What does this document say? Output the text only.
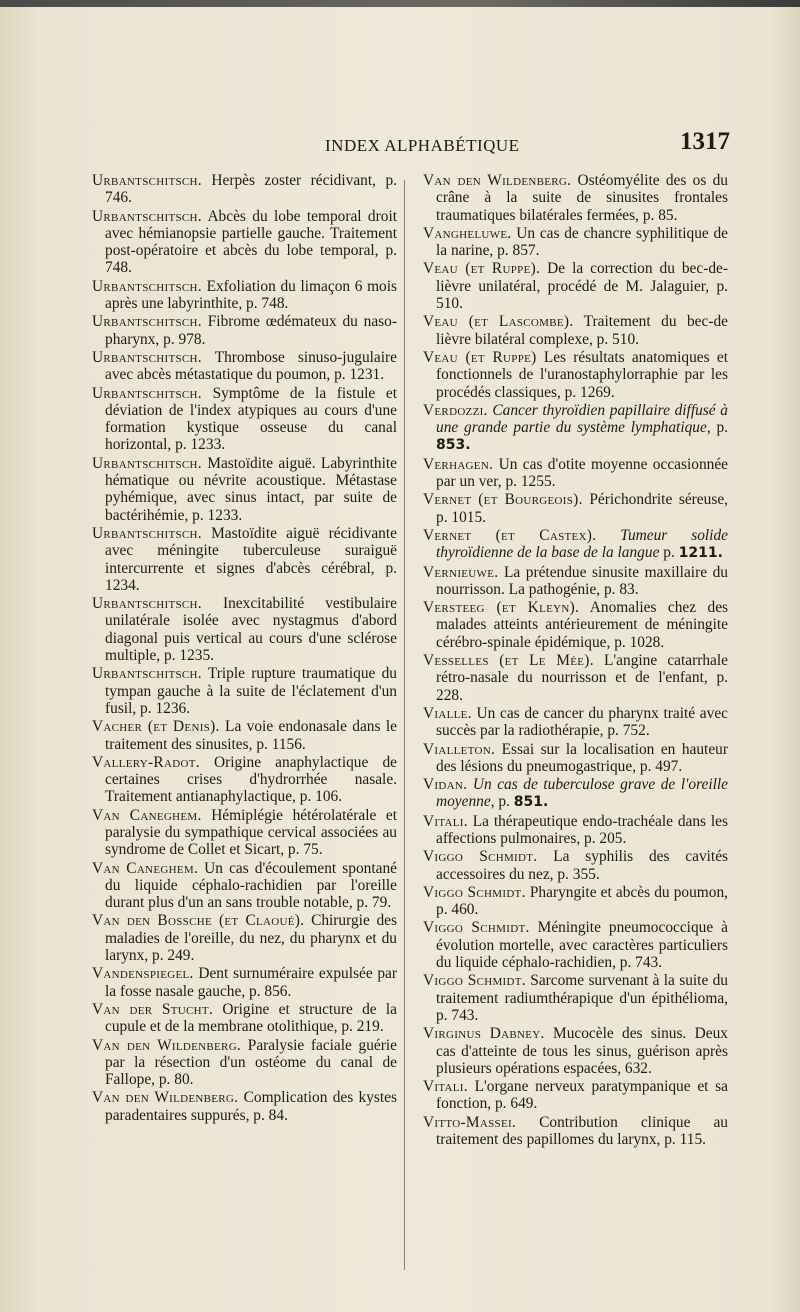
INDEX ALPHABÉTIQUE	1317

Urbantschitsch. Herpès zoster récidivant, p. 746.

Urbantschitsch. Abcès du lobe temporal droit avec hémianopsie partielle gauche. Traitement post-opératoire et abcès du lobe temporal, p. 748.

Urbantschitsch. Exfoliation du limaçon 6 mois après une labyrinthite, p. 748.

Urbantschitsch. Fibrome œdémateux du naso-pharynx, p. 978.

Urbantschitsch. Thrombose sinuso-jugulaire avec abcès métastatique du poumon, p. 1231.

Urbantschitsch. Symptôme de la fistule et déviation de l'index atypiques au cours d'une formation kystique osseuse du canal horizontal, p. 1233.

Urbantschitsch. Mastoïdite aiguë. Labyrinthite hématique ou névrite acoustique. Métastase pyhémique, avec sinus intact, par suite de bactérihémie, p. 1233.

Urbantschitsch. Mastoïdite aiguë récidivante avec méningite tuberculeuse suraiguë intercurrente et signes d'abcès cérébral, p. 1234.

Urbantschitsch. Inexcitabilité vestibulaire unilatérale isolée avec nystagmus d'abord diagonal puis vertical au cours d'une sclérose multiple, p. 1235.

Urbantschitsch. Triple rupture traumatique du tympan gauche à la suite de l'éclatement d'un fusil, p. 1236.

Vacher (et Denis). La voie endonasale dans le traitement des sinusites, p. 1156.

Vallery-Radot. Origine anaphylactique de certaines crises d'hydrorrhée nasale. Traitement antianaphylactique, p. 106.

Van Caneghem. Hémiplégie hétérolatérale et paralysie du sympathique cervical associées au syndrome de Collet et Sicart, p. 75.

Van Caneghem. Un cas d'écoulement spontané du liquide céphalo-rachidien par l'oreille durant plus d'un an sans trouble notable, p. 79.

Van den Bossche (et Claoué). Chirurgie des maladies de l'oreille, du nez, du pharynx et du larynx, p. 249.

Vandenspiegel. Dent surnuméraire expulsée par la fosse nasale gauche, p. 856.

Van der Stucht. Origine et structure de la cupule et de la membrane otolithique, p. 219.

Van den Wildenberg. Paralysie faciale guérie par la résection d'un ostéome du canal de Fallope, p. 80.

Van den Wildenberg. Complication des kystes paradentaires suppurés, p. 84.

Van den Wildenberg. Ostéomyélite des os du crâne à la suite de sinusites frontales traumatiques bilatérales fermées, p. 85.

Vangheluwe. Un cas de chancre syphilitique de la narine, p. 857.

Veau (et Ruppe). De la correction du bec-de-lièvre unilatéral, procédé de M. Jalaguier, p. 510.

Veau (et Lascombe). Traitement du bec-de lièvre bilatéral complexe, p. 510.

Veau (et Ruppe) Les résultats anatomiques et fonctionnels de l'uranostaphylorraphie par les procédés classiques, p. 1269.

Verdozzi. Cancer thyroïdien papillaire diffusé à une grande partie du système lymphatique, p. 853.

Verhagen. Un cas d'otite moyenne occasionnée par un ver, p. 1255.

Vernet (et Bourgeois). Périchondrite séreuse, p. 1015.

Vernet (et Castex). Tumeur solide thyroïdienne de la base de la langue p. 1211.

Vernieuwe. La prétendue sinusite maxillaire du nourrisson. La pathogénie, p. 83.

Versteeg (et Kleyn). Anomalies chez des malades atteints antérieurement de méningite cérébro-spinale épidémique, p. 1028.

Vesselles (et Le Mée). L'angine catarrhale rétro-nasale du nourrisson et de l'enfant, p. 228.

Vialle. Un cas de cancer du pharynx traité avec succès par la radiothérapie, p. 752.

Vialleton. Essai sur la localisation en hauteur des lésions du pneumogastrique, p. 497.

Vidan. Un cas de tuberculose grave de l'oreille moyenne, p. 851.

Vitali. La thérapeutique endo-trachéale dans les affections pulmonaires, p. 205.

Viggo Schmidt. La syphilis des cavités accessoires du nez, p. 355.

Viggo Schmidt. Pharyngite et abcès du poumon, p. 460.

Viggo Schmidt. Méningite pneumococcique à évolution mortelle, avec caractères particuliers du liquide céphalo-rachidien, p. 743.

Viggo Schmidt. Sarcome survenant à la suite du traitement radiumthérapique d'un épithélioma, p. 743.

Virginus Dabney. Mucocèle des sinus. Deux cas d'atteinte de tous les sinus, guérison après plusieurs opérations espacées, 632.

Vitali. L'organe nerveux paratympanique et sa fonction, p. 649.

Vitto-Massei. Contribution clinique au traitement des papillomes du larynx, p. 115.
